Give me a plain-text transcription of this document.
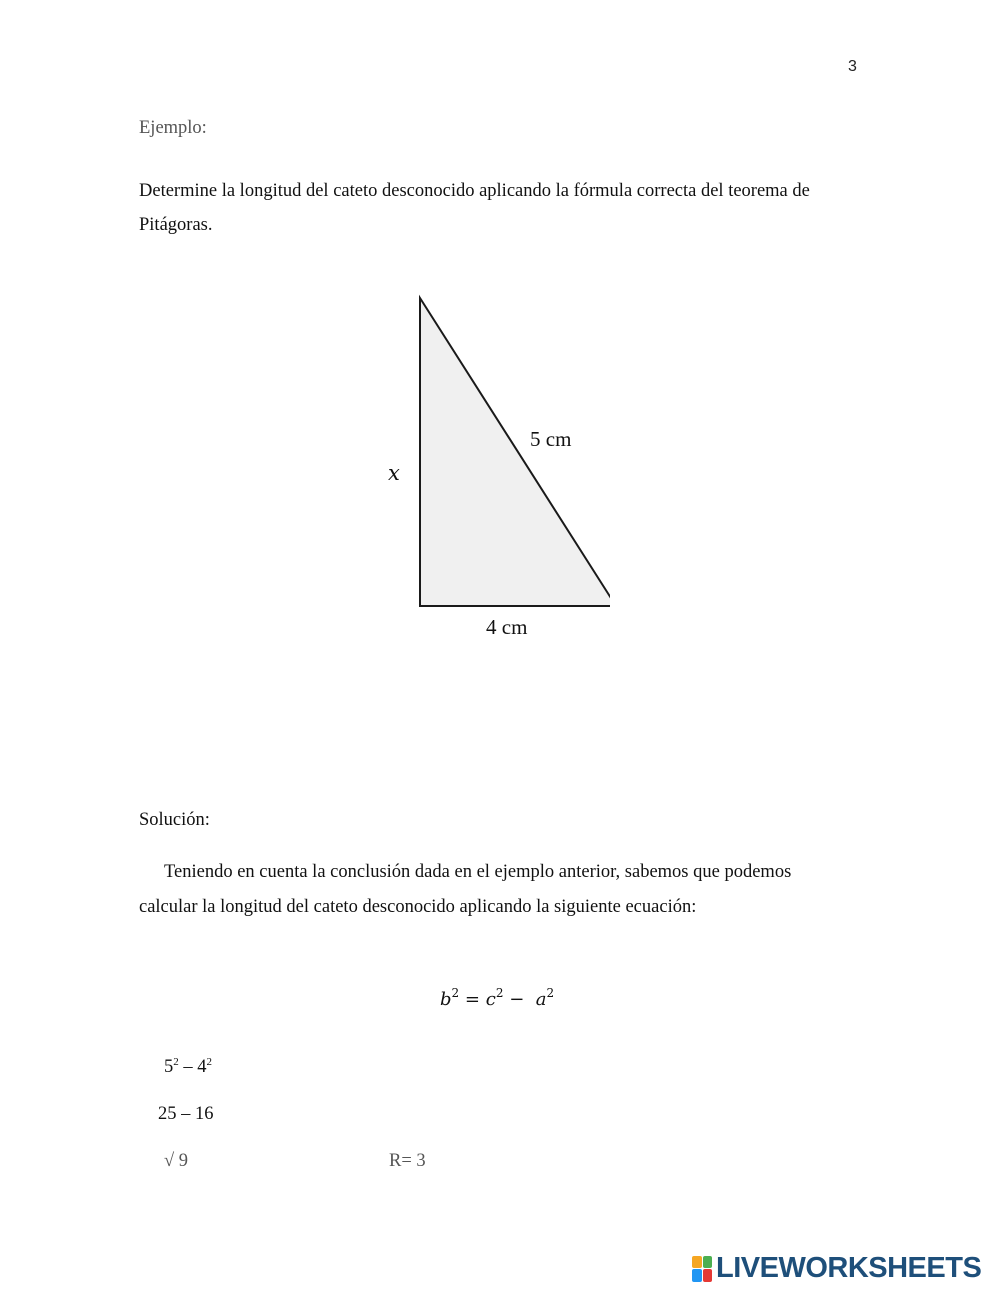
3
Ejemplo:
Determine la longitud del cateto desconocido aplicando la fórmula correcta del teorema de
Pitágoras.
x
5 cm
4 cm
Solución:
Teniendo en cuenta la conclusión dada en el ejemplo anterior, sabemos que podemos
calcular la longitud del cateto desconocido aplicando la siguiente ecuación:
$b^2 = c^2 - a^2$
$5^2 - 4^2$
25 – 16
√ 9	R= 3
LIVEWORKSHEETS
